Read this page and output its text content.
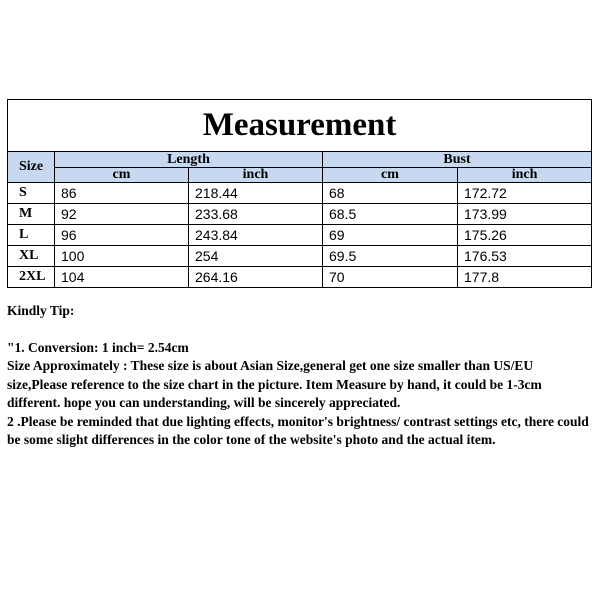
Measurement				
Size	Length		Bust	
	cm	inch	cm	inch
S	86	218.44	68	172.72
M	92	233.68	68.5	173.99
L	96	243.84	69	175.26
XL	100	254	69.5	176.53
2XL	104	264.16	70	177.8

Kindly Tip:

"1. Conversion: 1 inch= 2.54cm

Size Approximately : These size is about Asian Size,general get one size smaller than US/EU size,Please reference to the size chart in the picture. Item Measure by hand, it could be 1-3cm different. hope you can understanding, will be sincerely appreciated.

2 .Please be reminded that due lighting effects, monitor's brightness/ contrast settings etc, there could be some slight differences in the color tone of the website's photo and the actual item.
